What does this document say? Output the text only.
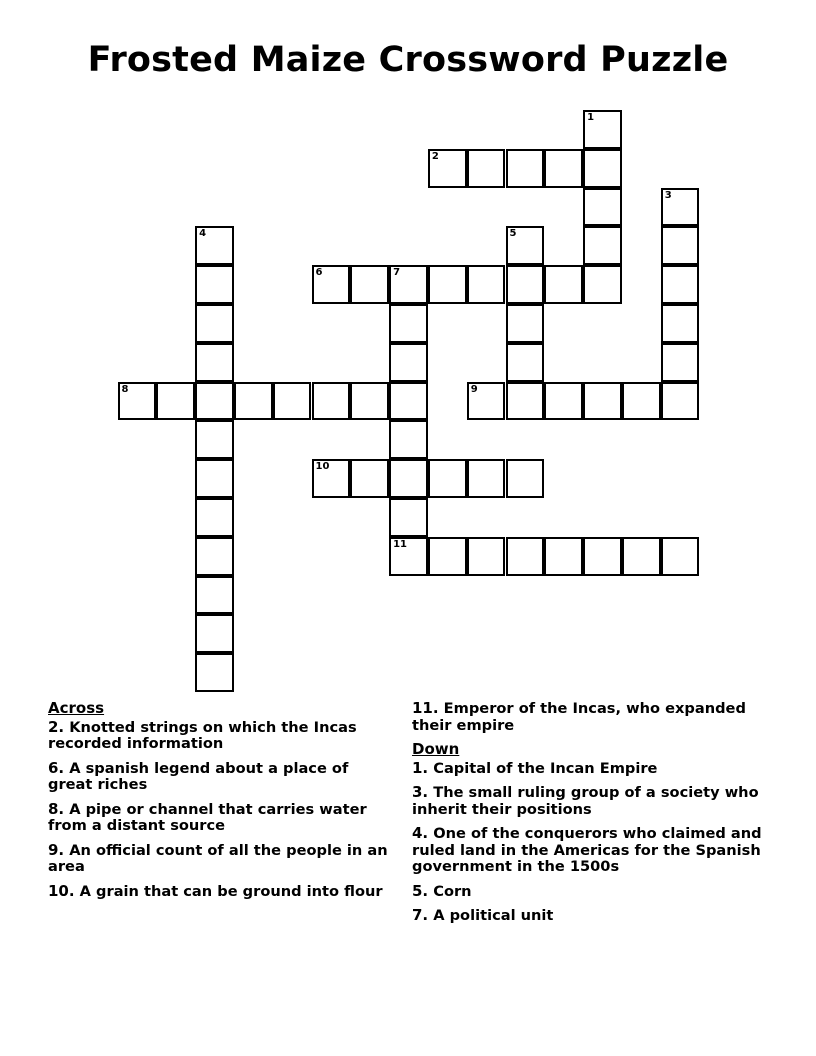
Frosted Maize Crossword Puzzle
2
6	7
8	9
10
11
1
3
4	5
Across
2. Knotted strings on which the Incas recorded information
6. A spanish legend about a place of great riches
8. A pipe or channel that carries water from a distant source
9. An official count of all the people in an area
10. A grain that can be ground into flour
11. Emperor of the Incas, who expanded their empire
Down
1. Capital of the Incan Empire
3. The small ruling group of a society who inherit their positions
4. One of the conquerors who claimed and ruled land in the Americas for the Spanish government in the 1500s
5. Corn
7. A political unit
